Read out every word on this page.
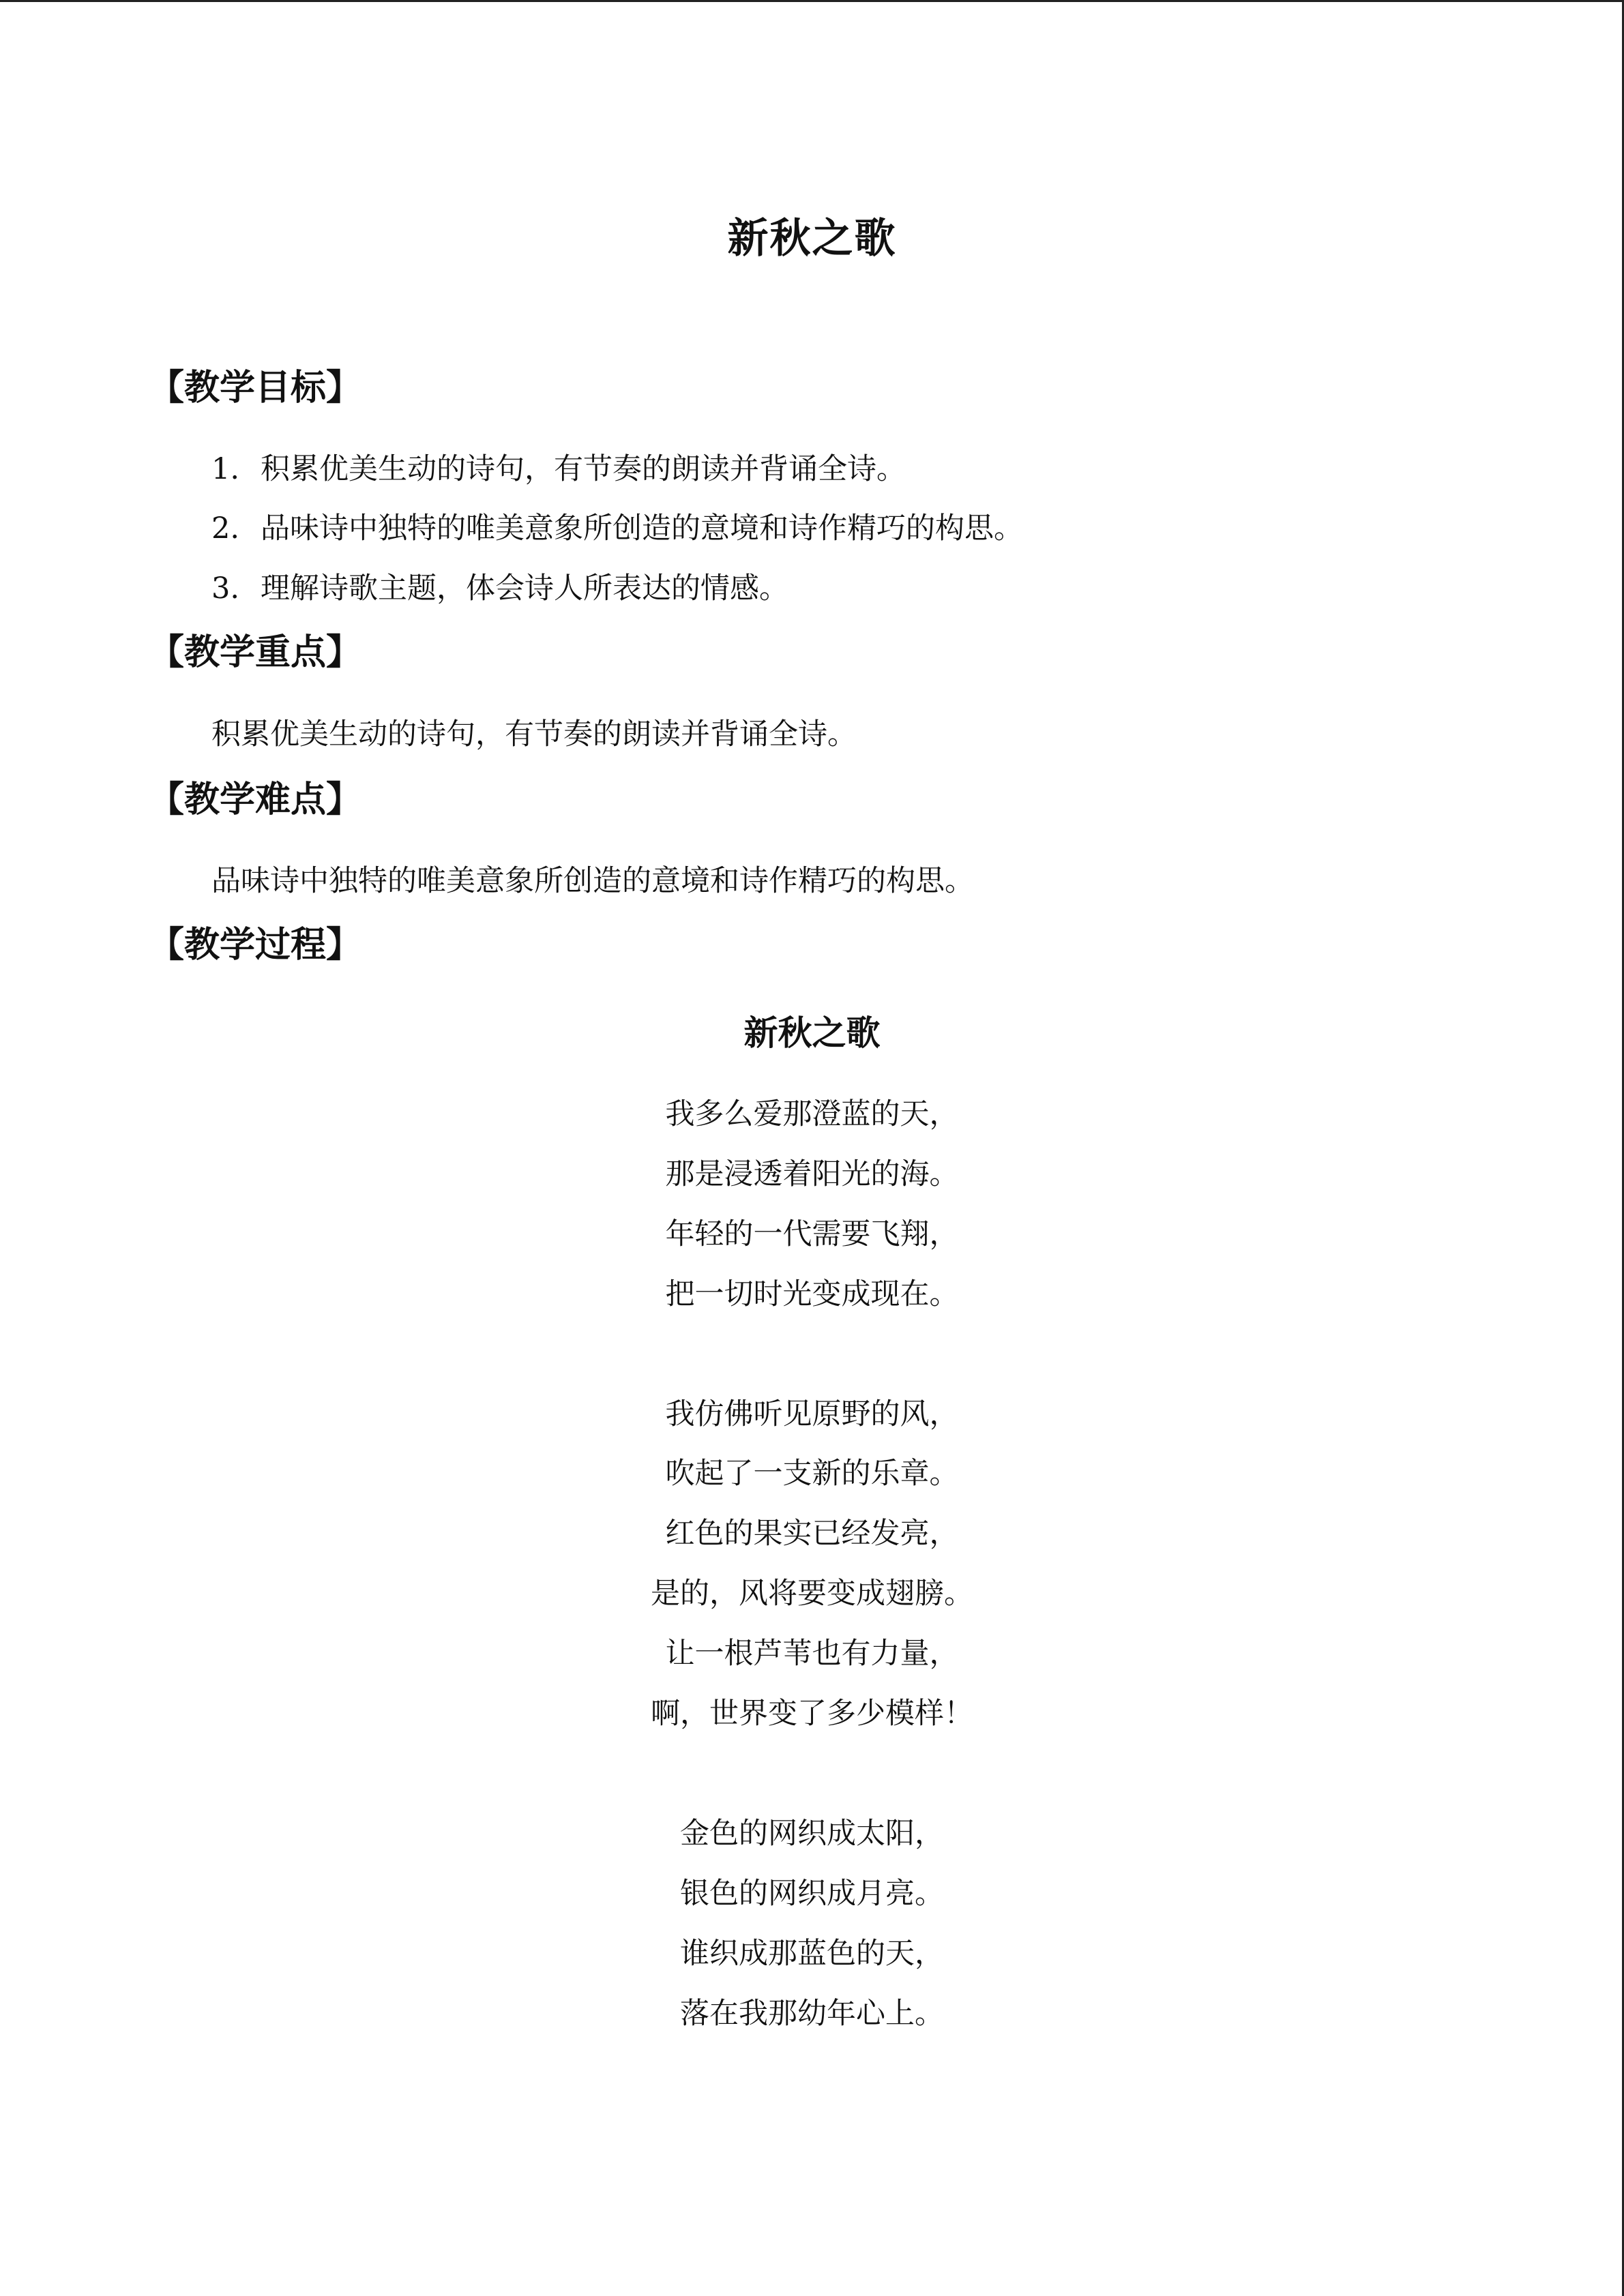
新秋之歌
【教学目标】
1. 积累优美生动的诗句，有节奏的朗读并背诵全诗。
2. 品味诗中独特的唯美意象所创造的意境和诗作精巧的构思。
3. 理解诗歌主题，体会诗人所表达的情感。
【教学重点】
积累优美生动的诗句，有节奏的朗读并背诵全诗。
【教学难点】
品味诗中独特的唯美意象所创造的意境和诗作精巧的构思。
【教学过程】
新秋之歌
我多么爱那澄蓝的天，
那是浸透着阳光的海。
年轻的一代需要飞翔，
把一切时光变成现在。
我仿佛听见原野的风，
吹起了一支新的乐章。
红色的果实已经发亮，
是的，风将要变成翅膀。
让一根芦苇也有力量，
啊，世界变了多少模样！
金色的网织成太阳，
银色的网织成月亮。
谁织成那蓝色的天，
落在我那幼年心上。
